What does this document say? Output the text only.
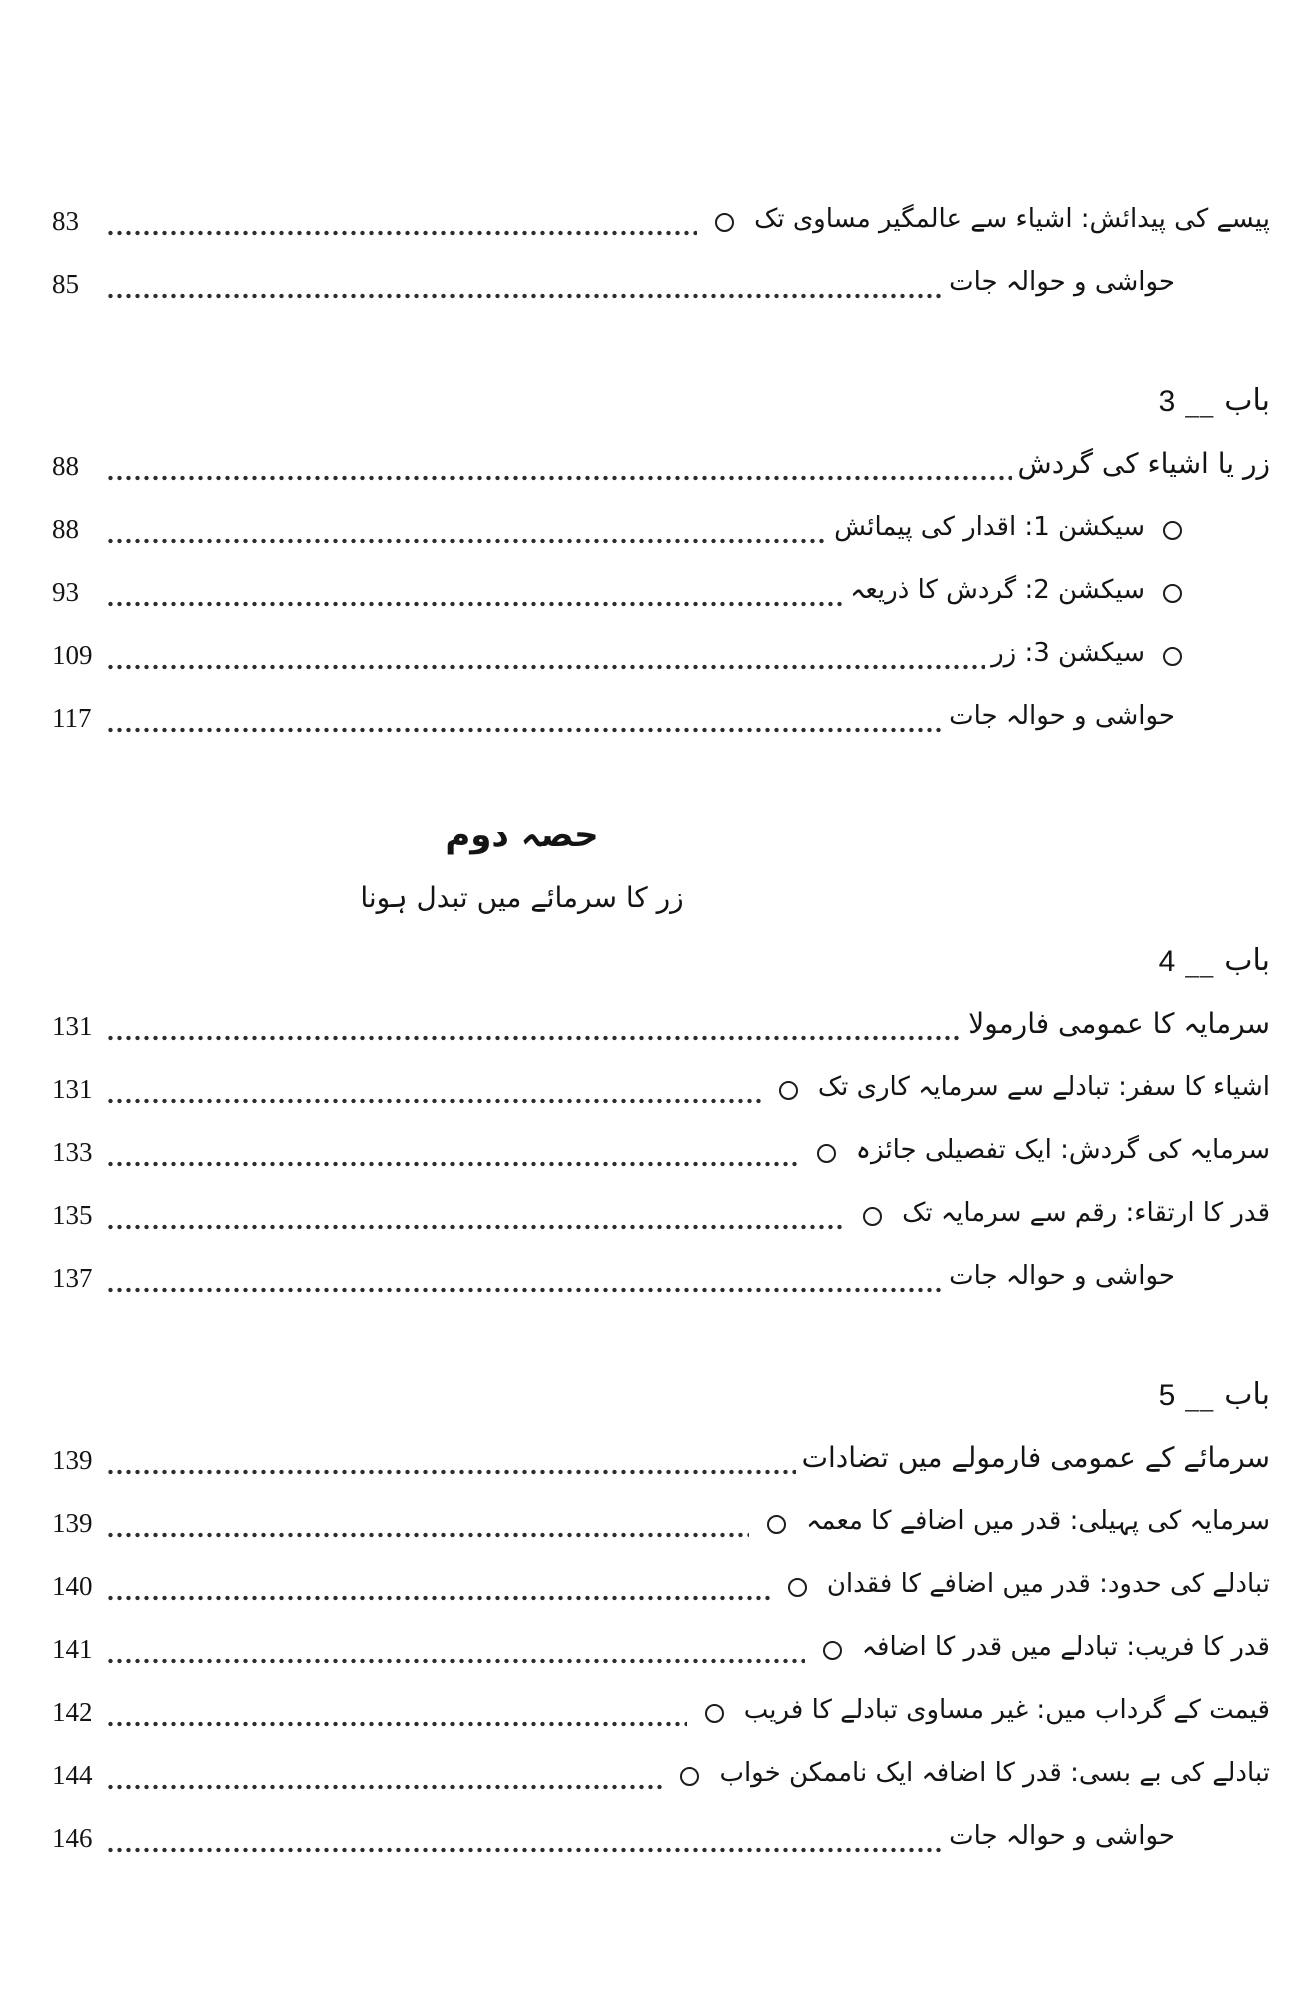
83	پیسے کی پیدائش: اشیاء سے عالمگیر مساوی تک
85	حواشی و حوالہ جات
3 __ باب
88	زر یا اشیاء کی گردش
88	سیکشن 1: اقدار کی پیمائش
93	سیکشن 2: گردش کا ذریعہ
109	سیکشن 3: زر
117	حواشی و حوالہ جات
حصہ دوم
زر کا سرمائے میں تبدل ہونا
4 __ باب
131	سرمایہ کا عمومی فارمولا
131	اشیاء کا سفر: تبادلے سے سرمایہ کاری تک
133	سرمایہ کی گردش: ایک تفصیلی جائزہ
135	قدر کا ارتقاء: رقم سے سرمایہ تک
137	حواشی و حوالہ جات
5 __ باب
139	سرمائے کے عمومی فارمولے میں تضادات
139	سرمایہ کی پہیلی: قدر میں اضافے کا معمہ
140	تبادلے کی حدود: قدر میں اضافے کا فقدان
141	قدر کا فریب: تبادلے میں قدر کا اضافہ
142	قیمت کے گرداب میں: غیر مساوی تبادلے کا فریب
144	تبادلے کی بے بسی: قدر کا اضافہ ایک ناممکن خواب
146	حواشی و حوالہ جات
